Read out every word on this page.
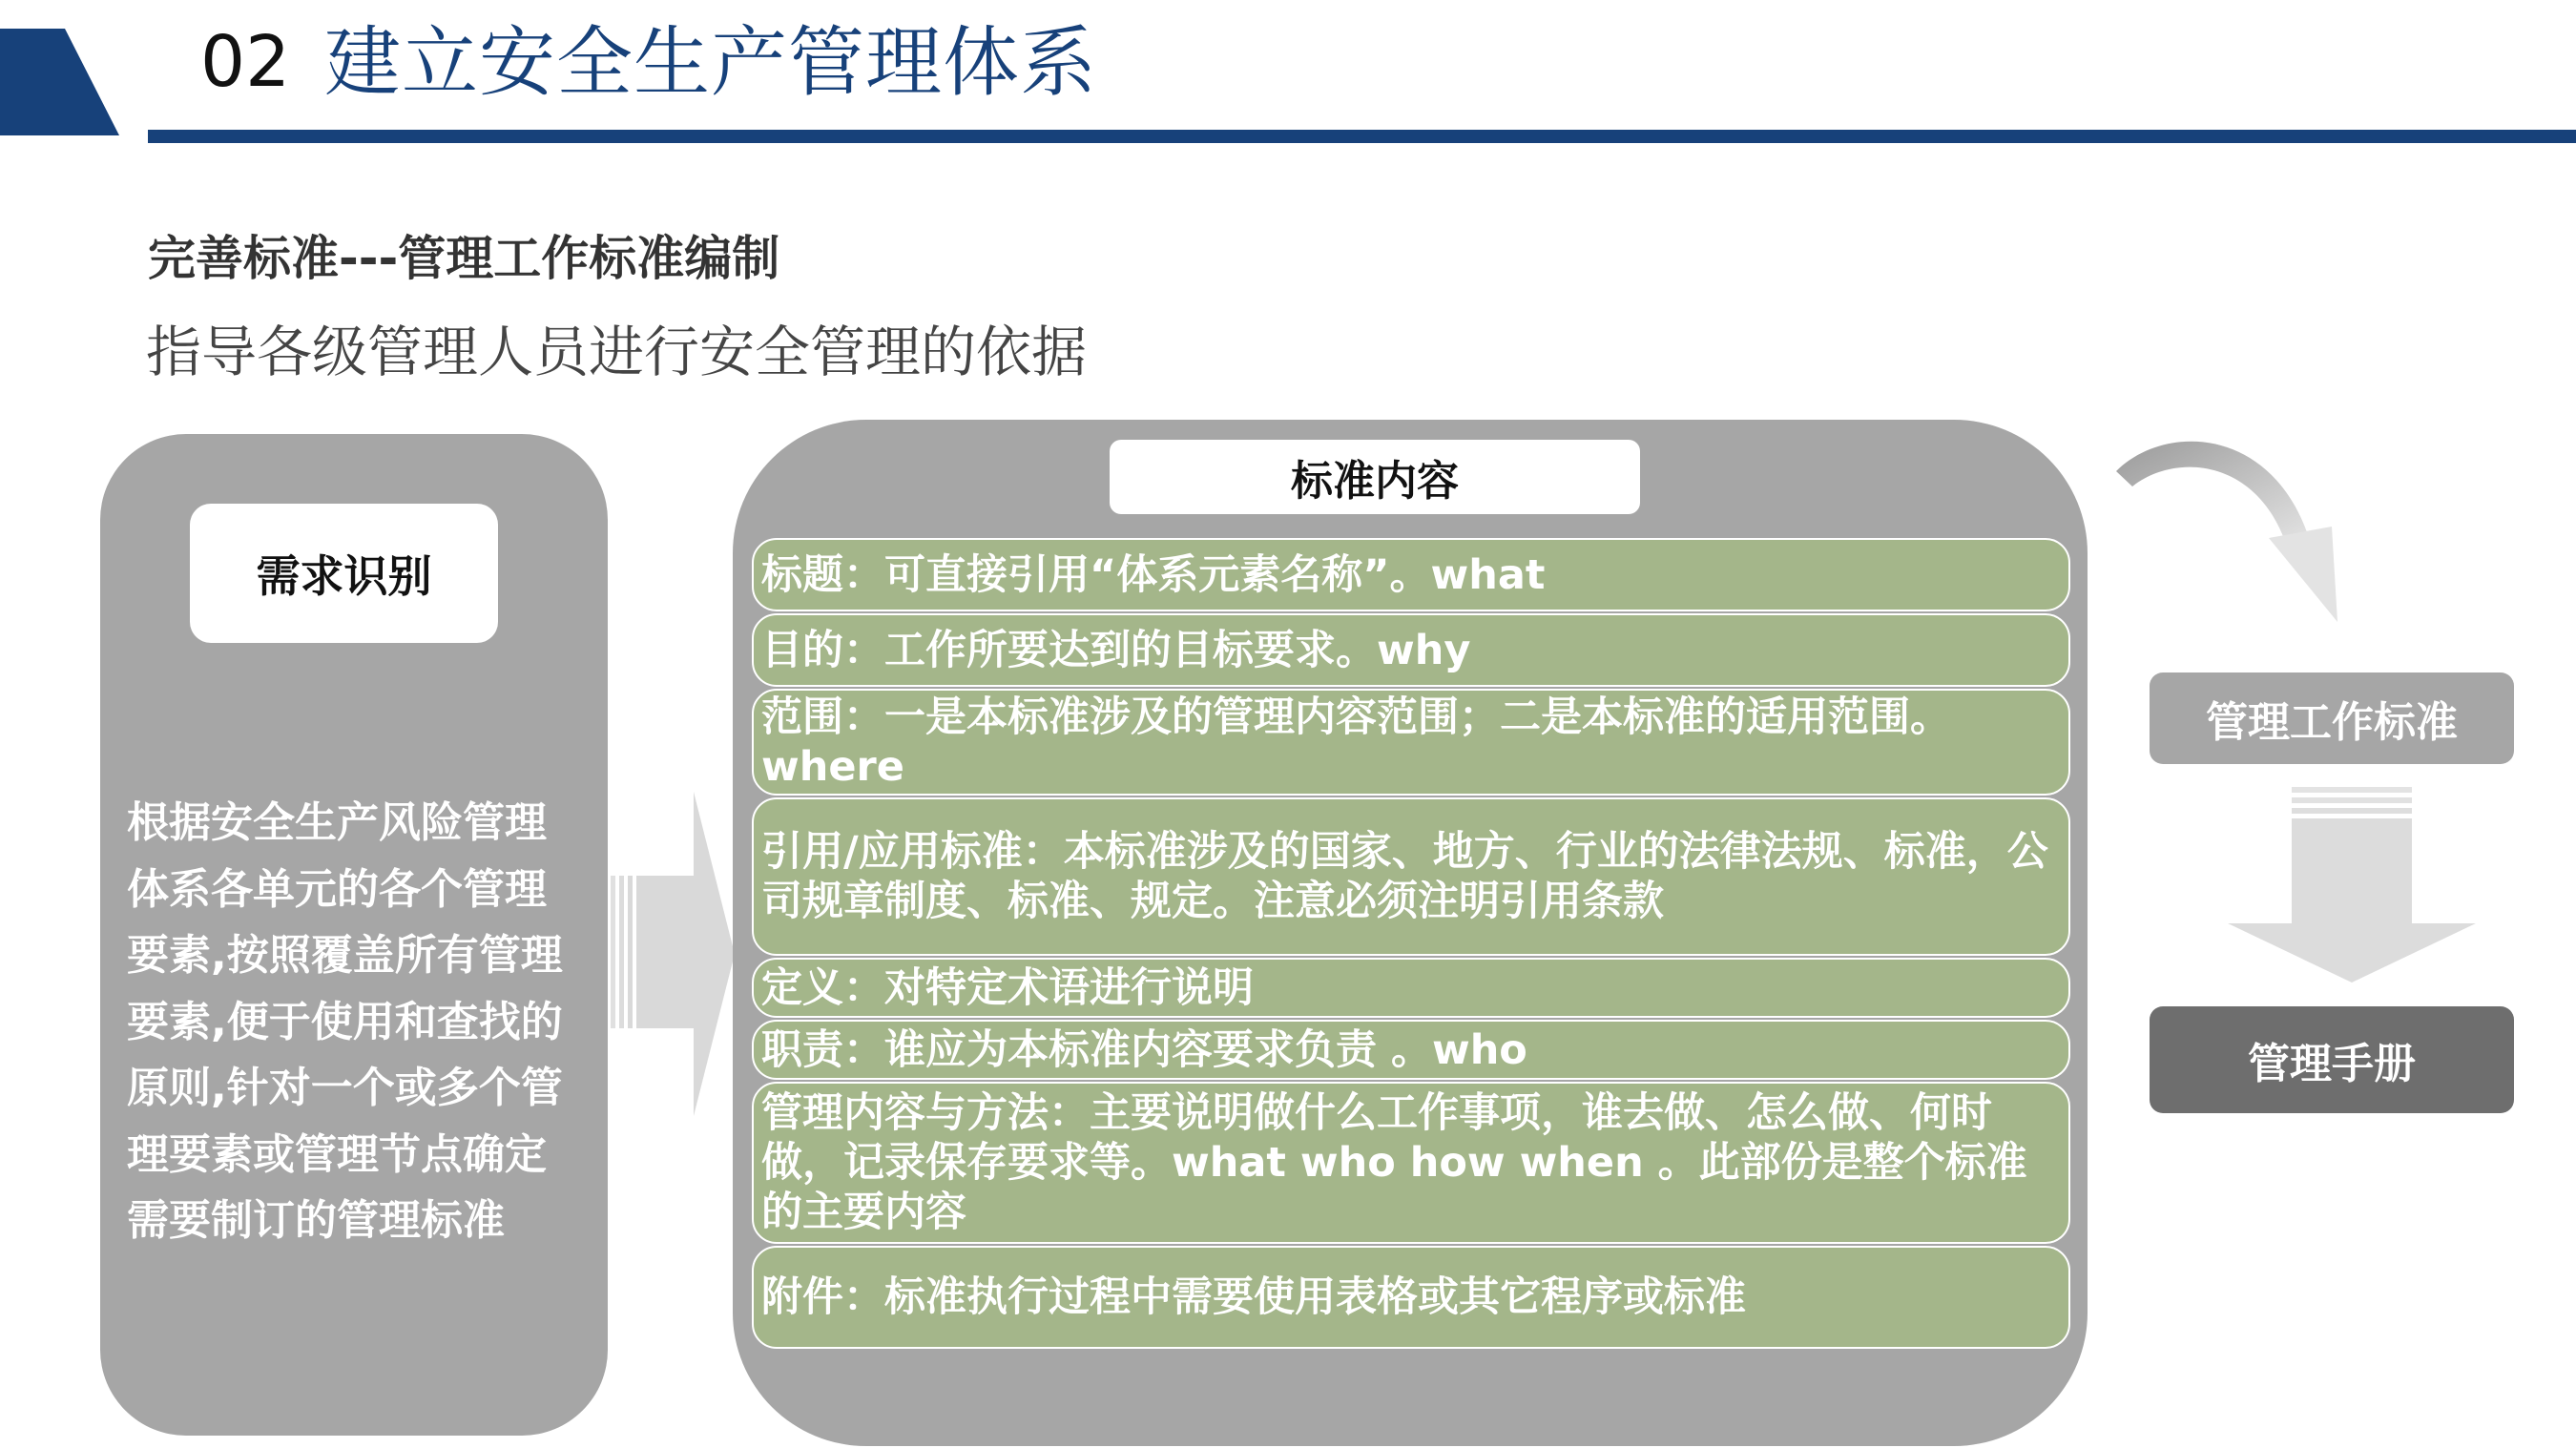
02 建立安全生产管理体系
完善标准---管理工作标准编制
指导各级管理人员进行安全管理的依据
需求识别
根据安全生产风险管理
体系各单元的各个管理
要素,按照覆盖所有管理
要素,便于使用和查找的
原则,针对一个或多个管
理要素或管理节点确定
需要制订的管理标准
标准内容
标题：可直接引用“体系元素名称”。what
目的：工作所要达到的目标要求。why
范围：一是本标准涉及的管理内容范围；二是本标准的适用范围。where
引用/应用标准：本标准涉及的国家、地方、行业的法律法规、标准，公司规章制度、标准、规定。注意必须注明引用条款
定义：对特定术语进行说明
职责：谁应为本标准内容要求负责 。who
管理内容与方法：主要说明做什么工作事项，谁去做、怎么做、何时做，记录保存要求等。what who how when 。此部份是整个标准的主要内容
附件：标准执行过程中需要使用表格或其它程序或标准
管理工作标准
管理手册
